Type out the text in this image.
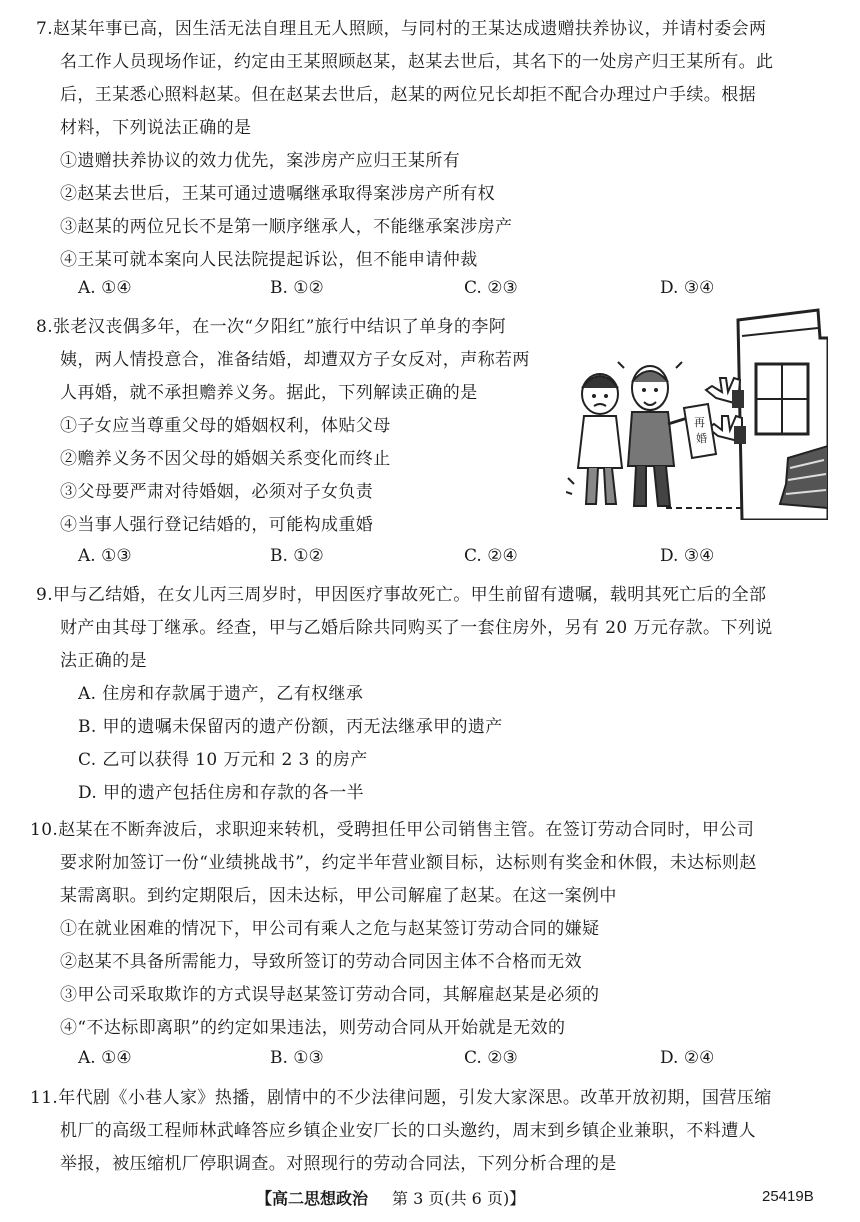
7.赵某年事已高，因生活无法自理且无人照顾，与同村的王某达成遗赠扶养协议，并请村委会两
名工作人员现场作证，约定由王某照顾赵某，赵某去世后，其名下的一处房产归王某所有。此
后，王某悉心照料赵某。但在赵某去世后，赵某的两位兄长却拒不配合办理过户手续。根据
材料，下列说法正确的是
①遗赠扶养协议的效力优先，案涉房产应归王某所有
②赵某去世后，王某可通过遗嘱继承取得案涉房产所有权
③赵某的两位兄长不是第一顺序继承人，不能继承案涉房产
④王某可就本案向人民法院提起诉讼，但不能申请仲裁
A. ①④	B. ①②	C. ②③	D. ③④
8.张老汉丧偶多年，在一次“夕阳红”旅行中结识了单身的李阿
姨，两人情投意合，准备结婚，却遭双方子女反对，声称若两
人再婚，就不承担赡养义务。据此，下列解读正确的是
①子女应当尊重父母的婚姻权利，体贴父母
②赡养义务不因父母的婚姻关系变化而终止
③父母要严肃对待婚姻，必须对子女负责
④当事人强行登记结婚的，可能构成重婚
A. ①③	B. ①②	C. ②④	D. ③④
再
婚
9.甲与乙结婚，在女儿丙三周岁时，甲因医疗事故死亡。甲生前留有遗嘱，载明其死亡后的全部
财产由其母丁继承。经查，甲与乙婚后除共同购买了一套住房外，另有 20 万元存款。下列说
法正确的是
A. 住房和存款属于遗产，乙有权继承
B. 甲的遗嘱未保留丙的遗产份额，丙无法继承甲的遗产
C. 乙可以获得 10 万元和 2 3 的房产
D. 甲的遗产包括住房和存款的各一半
10.赵某在不断奔波后，求职迎来转机，受聘担任甲公司销售主管。在签订劳动合同时，甲公司
要求附加签订一份“业绩挑战书”，约定半年营业额目标，达标则有奖金和休假，未达标则赵
某需离职。到约定期限后，因未达标，甲公司解雇了赵某。在这一案例中
①在就业困难的情况下，甲公司有乘人之危与赵某签订劳动合同的嫌疑
②赵某不具备所需能力，导致所签订的劳动合同因主体不合格而无效
③甲公司采取欺诈的方式误导赵某签订劳动合同，其解雇赵某是必须的
④“不达标即离职”的约定如果违法，则劳动合同从开始就是无效的
A. ①④	B. ①③	C. ②③	D. ②④
11.年代剧《小巷人家》热播，剧情中的不少法律问题，引发大家深思。改革开放初期，国营压缩
机厂的高级工程师林武峰答应乡镇企业安厂长的口头邀约，周末到乡镇企业兼职，不料遭人
举报，被压缩机厂停职调查。对照现行的劳动合同法，下列分析合理的是
【高二思想政治 第 3 页(共 6 页)】	25419B
